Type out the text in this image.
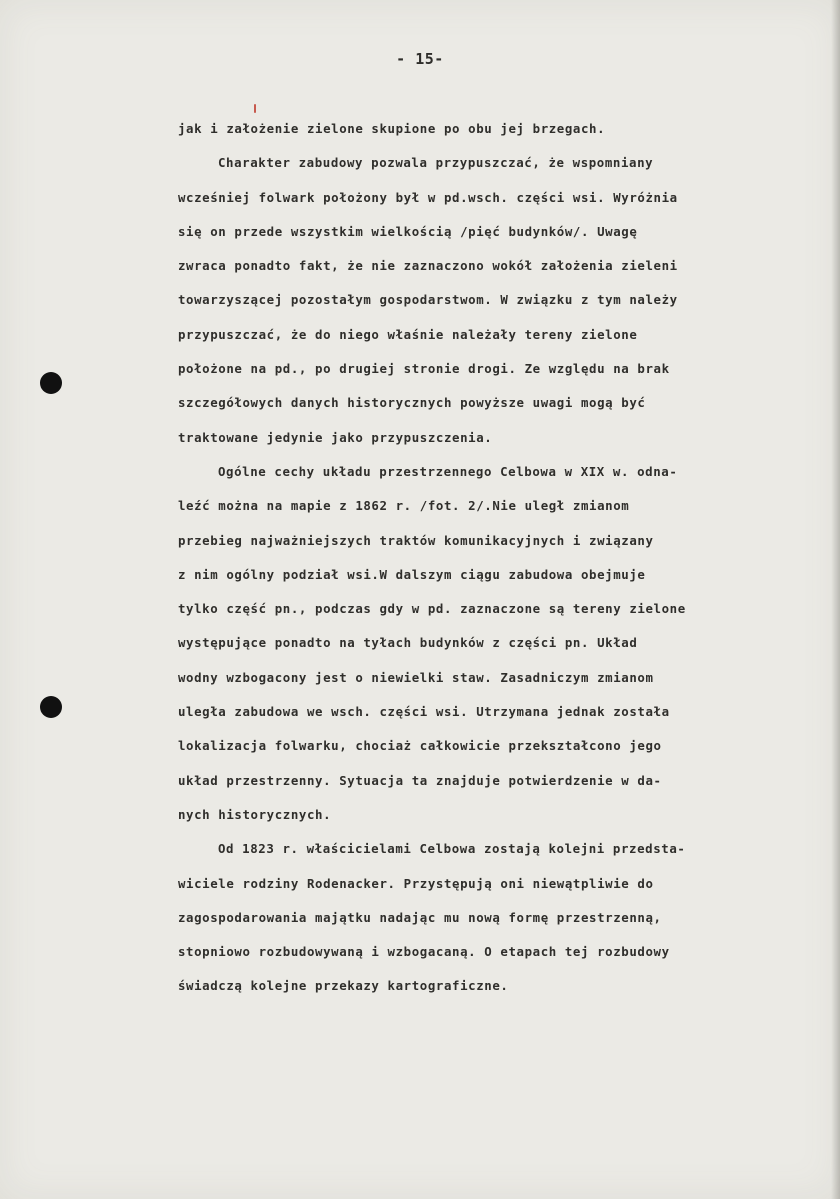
- 15-
jak i założenie zielone skupione po obu jej brzegach.
Charakter zabudowy pozwala przypuszczać, że wspomniany
wcześniej folwark położony był w pd.wsch. części wsi. Wyróżnia
się on przede wszystkim wielkością /pięć budynków/. Uwagę
zwraca ponadto fakt, że nie zaznaczono wokół założenia zieleni
towarzyszącej pozostałym gospodarstwom. W związku z tym należy
przypuszczać, że do niego właśnie należały tereny zielone
położone na pd., po drugiej stronie drogi. Ze względu na brak
szczegółowych danych historycznych powyższe uwagi mogą być
traktowane jedynie jako przypuszczenia.
Ogólne cechy układu przestrzennego Celbowa w XIX w. odna-
leźć można na mapie z 1862 r. /fot. 2/.Nie uległ zmianom
przebieg najważniejszych traktów komunikacyjnych i związany
z nim ogólny podział wsi.W dalszym ciągu zabudowa obejmuje
tylko część pn., podczas gdy w pd. zaznaczone są tereny zielone
występujące ponadto na tyłach budynków z części pn. Układ
wodny wzbogacony jest o niewielki staw. Zasadniczym zmianom
uległa zabudowa we wsch. części wsi. Utrzymana jednak została
lokalizacja folwarku, chociaż całkowicie przekształcono jego
układ przestrzenny. Sytuacja ta znajduje potwierdzenie w da-
nych historycznych.
Od 1823 r. właścicielami Celbowa zostają kolejni przedsta-
wiciele rodziny Rodenacker. Przystępują oni niewątpliwie do
zagospodarowania majątku nadając mu nową formę przestrzenną,
stopniowo rozbudowywaną i wzbogacaną. O etapach tej rozbudowy
świadczą kolejne przekazy kartograficzne.
